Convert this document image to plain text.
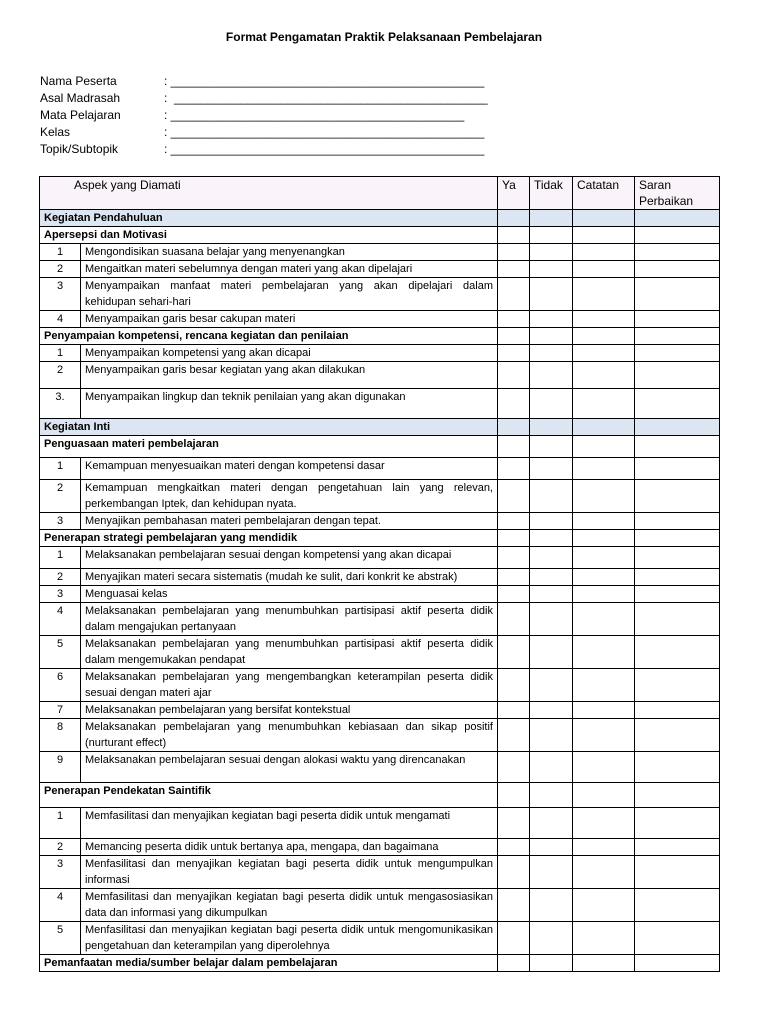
Format Pengamatan Praktik Pelaksanaan Pembelajaran
Nama Peserta	: _______________________________________________
Asal Madrasah	:  _______________________________________________
Mata Pelajaran	: ____________________________________________
Kelas	: _______________________________________________
Topik/Subtopik	: _______________________________________________
Aspek yang Diamati		Ya	Tidak	Catatan	Saran Perbaikan
Kegiatan Pendahuluan					
Apersepsi dan Motivasi					
1	Mengondisikan suasana belajar yang menyenangkan				
2	Mengaitkan materi sebelumnya dengan materi yang akan dipelajari				
3	Menyampaikan manfaat materi pembelajaran yang akan dipelajari dalam kehidupan sehari-hari				
4	Menyampaikan garis besar cakupan materi				
Penyampaian kompetensi, rencana kegiatan dan penilaian					
1	Menyampaikan kompetensi yang akan dicapai				
2	Menyampaikan garis besar kegiatan yang akan dilakukan				
3.	Menyampaikan lingkup dan teknik penilaian yang akan digunakan				
Kegiatan Inti					
Penguasaan materi pembelajaran					
1	Kemampuan menyesuaikan materi dengan kompetensi dasar				
2	Kemampuan mengkaitkan materi dengan pengetahuan lain yang relevan, perkembangan Iptek, dan kehidupan nyata.				
3	Menyajikan pembahasan materi pembelajaran dengan tepat.				
Penerapan strategi pembelajaran yang mendidik					
1	Melaksanakan pembelajaran sesuai dengan kompetensi yang akan dicapai				
2	Menyajikan materi secara sistematis (mudah ke sulit, dari konkrit ke abstrak)				
3	Menguasai kelas				
4	Melaksanakan pembelajaran yang menumbuhkan partisipasi aktif peserta didik dalam mengajukan pertanyaan				
5	Melaksanakan pembelajaran yang menumbuhkan partisipasi aktif peserta didik dalam mengemukakan pendapat				
6	Melaksanakan pembelajaran yang mengembangkan keterampilan peserta didik sesuai dengan materi ajar				
7	Melaksanakan pembelajaran yang bersifat kontekstual				
8	Melaksanakan pembelajaran yang menumbuhkan kebiasaan dan sikap positif (nurturant effect)				
9	Melaksanakan pembelajaran sesuai dengan alokasi waktu yang direncanakan				
Penerapan Pendekatan Saintifik					
1	Memfasilitasi dan menyajikan kegiatan bagi peserta didik untuk mengamati				
2	Memancing peserta didik untuk bertanya apa, mengapa, dan bagaimana				
3	Menfasilitasi dan menyajikan kegiatan bagi peserta didik untuk mengumpulkan informasi				
4	Memfasilitasi dan menyajikan kegiatan bagi peserta didik untuk mengasosiasikan data dan informasi yang dikumpulkan				
5	Menfasilitasi dan menyajikan kegiatan bagi peserta didik untuk mengomunikasikan pengetahuan dan keterampilan yang diperolehnya				
Pemanfaatan media/sumber belajar dalam pembelajaran					
